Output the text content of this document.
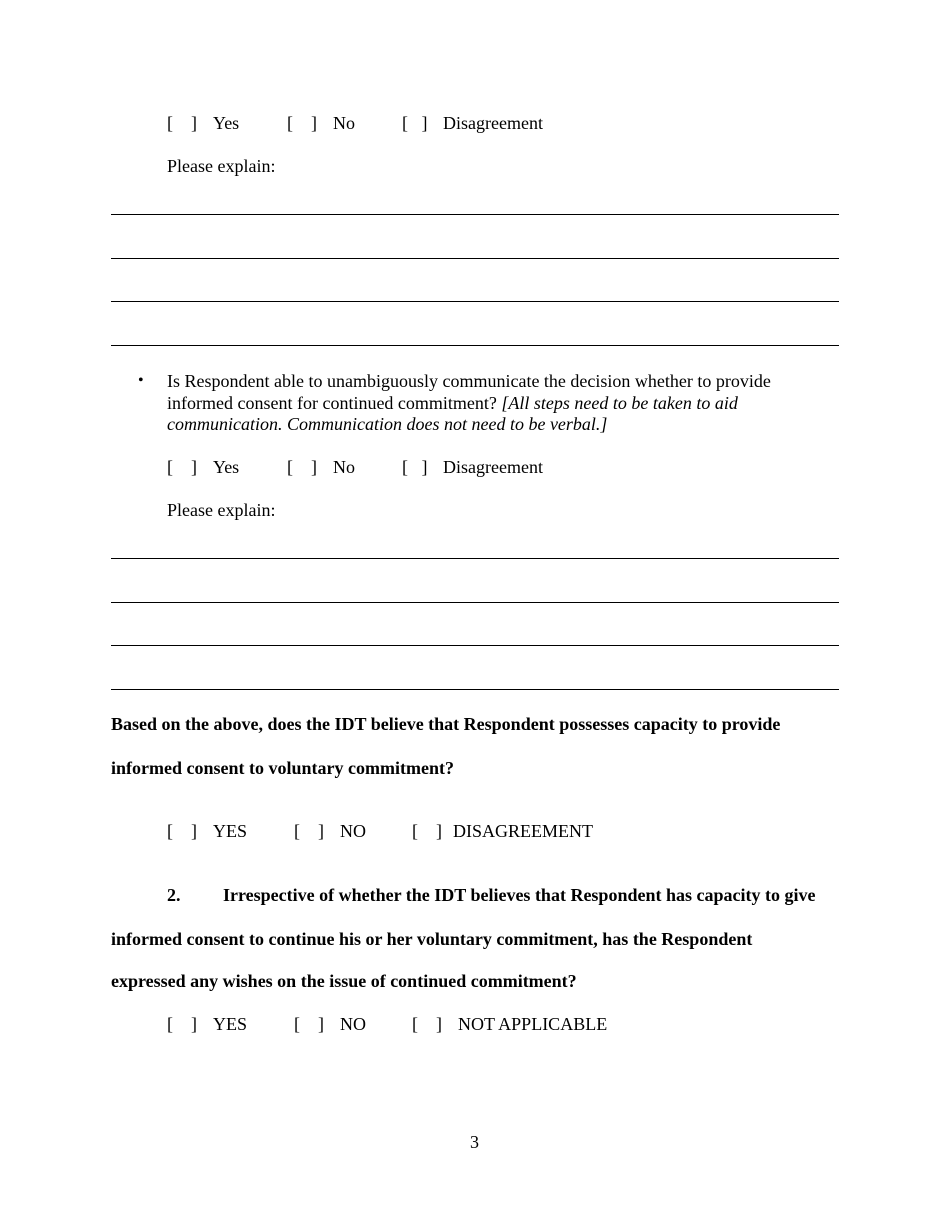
[    ] Yes	[    ] No	[   ] Disagreement
Please explain:
• Is Respondent able to unambiguously communicate the decision whether to provide
informed consent for continued commitment? [All steps need to be taken to aid
communication. Communication does not need to be verbal.]
[    ] Yes	[    ] No	[   ] Disagreement
Please explain:
Based on the above, does the IDT believe that Respondent possesses capacity to provide
informed consent to voluntary commitment?
[    ] YES	[    ] NO	[    ] DISAGREEMENT
2. Irrespective of whether the IDT believes that Respondent has capacity to give
informed consent to continue his or her voluntary commitment, has the Respondent
expressed any wishes on the issue of continued commitment?
[    ] YES	[    ] NO	[    ] NOT APPLICABLE
3
